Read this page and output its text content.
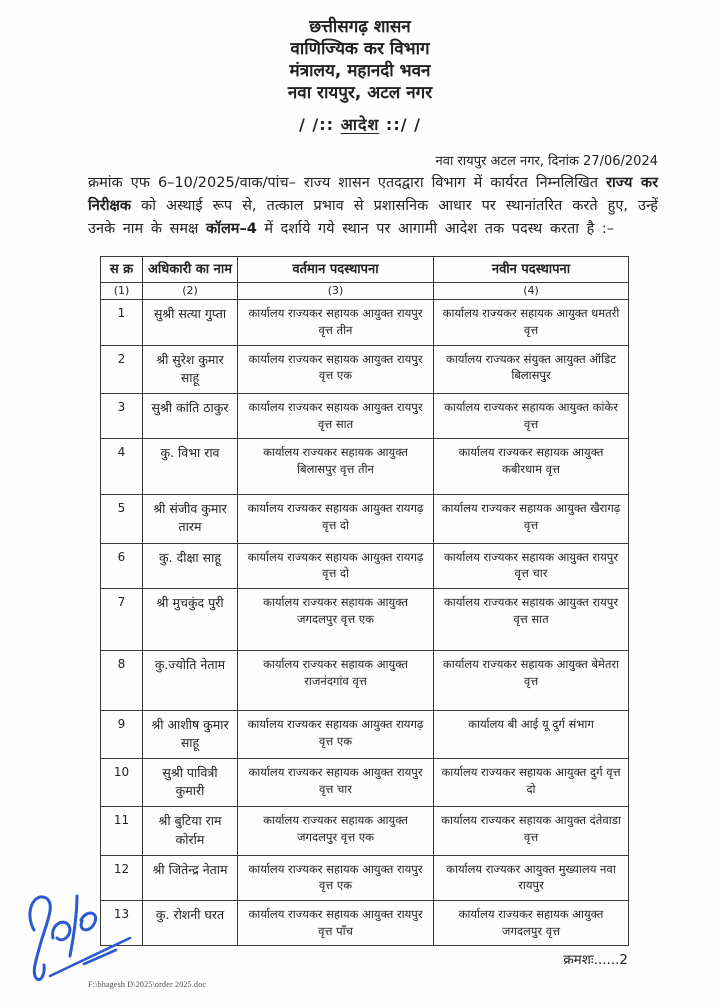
छत्तीसगढ़ शासन
वाणिज्यिक कर विभाग
मंत्रालय, महानदी भवन
नवा रायपुर, अटल नगर
/ /:: आदेश ::/ /
नवा रायपुर अटल नगर, दिनांक 27/06/2024

क्रमांक एफ 6–10/2025/वाक/पांच– राज्य शासन एतदद्वारा विभाग में कार्यरत निम्नलिखित राज्य कर निरीक्षक को अस्थाई रूप से, तत्काल प्रभाव से प्रशासनिक आधार पर स्थानांतरित करते हुए, उन्हें उनके नाम के समक्ष कॉलम–4 में दर्शाये गये स्थान पर आगामी आदेश तक पदस्थ करता है :–

स क्र	अधिकारी का नाम	वर्तमान पदस्थापना	नवीन पदस्थापना
(1)	(2)	(3)	(4)
1	सुश्री सत्या गुप्ता	कार्यालय राज्यकर सहायक आयुक्त रायपुर वृत्त तीन	कार्यालय राज्यकर सहायक आयुक्त धमतरी वृत्त
2	श्री सुरेश कुमार साहू	कार्यालय राज्यकर सहायक आयुक्त रायपुर वृत्त एक	कार्यालय राज्यकर संयुक्त आयुक्त ऑडिट बिलासपुर
3	सुश्री कांति ठाकुर	कार्यालय राज्यकर सहायक आयुक्त रायपुर वृत्त सात	कार्यालय राज्यकर सहायक आयुक्त कांकेर वृत्त
4	कु. विभा राव	कार्यालय राज्यकर सहायक आयुक्त बिलासपुर वृत्त तीन	कार्यालय राज्यकर सहायक आयुक्त कबीरधाम वृत्त
5	श्री संजीव कुमार तारम	कार्यालय राज्यकर सहायक आयुक्त रायगढ़ वृत्त दो	कार्यालय राज्यकर सहायक आयुक्त खैरागढ़ वृत्त
6	कु. दीक्षा साहू	कार्यालय राज्यकर सहायक आयुक्त रायगढ़ वृत्त दो	कार्यालय राज्यकर सहायक आयुक्त रायपुर वृत्त चार
7	श्री मुचकुंद पुरी	कार्यालय राज्यकर सहायक आयुक्त जगदलपुर वृत्त एक	कार्यालय राज्यकर सहायक आयुक्त रायपुर वृत्त सात
8	कु.ज्योति नेताम	कार्यालय राज्यकर सहायक आयुक्त राजनंदगांव वृत्त	कार्यालय राज्यकर सहायक आयुक्त बेमेतरा वृत्त
9	श्री आशीष कुमार साहू	कार्यालय राज्यकर सहायक आयुक्त रायगढ़ वृत्त एक	कार्यालय बी आई यू दुर्ग संभाग
10	सुश्री पावित्री कुमारी	कार्यालय राज्यकर सहायक आयुक्त रायपुर वृत्त चार	कार्यालय राज्यकर सहायक आयुक्त दुर्ग वृत्त दो
11	श्री बुटिया राम कोर्राम	कार्यालय राज्यकर सहायक आयुक्त जगदलपुर वृत्त एक	कार्यालय राज्यकर सहायक आयुक्त दंतेवाडा वृत्त
12	श्री जितेन्द्र नेताम	कार्यालय राज्यकर सहायक आयुक्त रायपुर वृत्त एक	कार्यालय राज्यकर आयुक्त मुख्यालय नवा रायपुर
13	कु. रोशनी घरत	कार्यालय राज्यकर सहायक आयुक्त रायपुर वृत्त पाँच	कार्यालय राज्यकर सहायक आयुक्त जगदलपुर वृत्त
क्रमशः......2
F:\bhagesh D\2025\order 2025.doc
